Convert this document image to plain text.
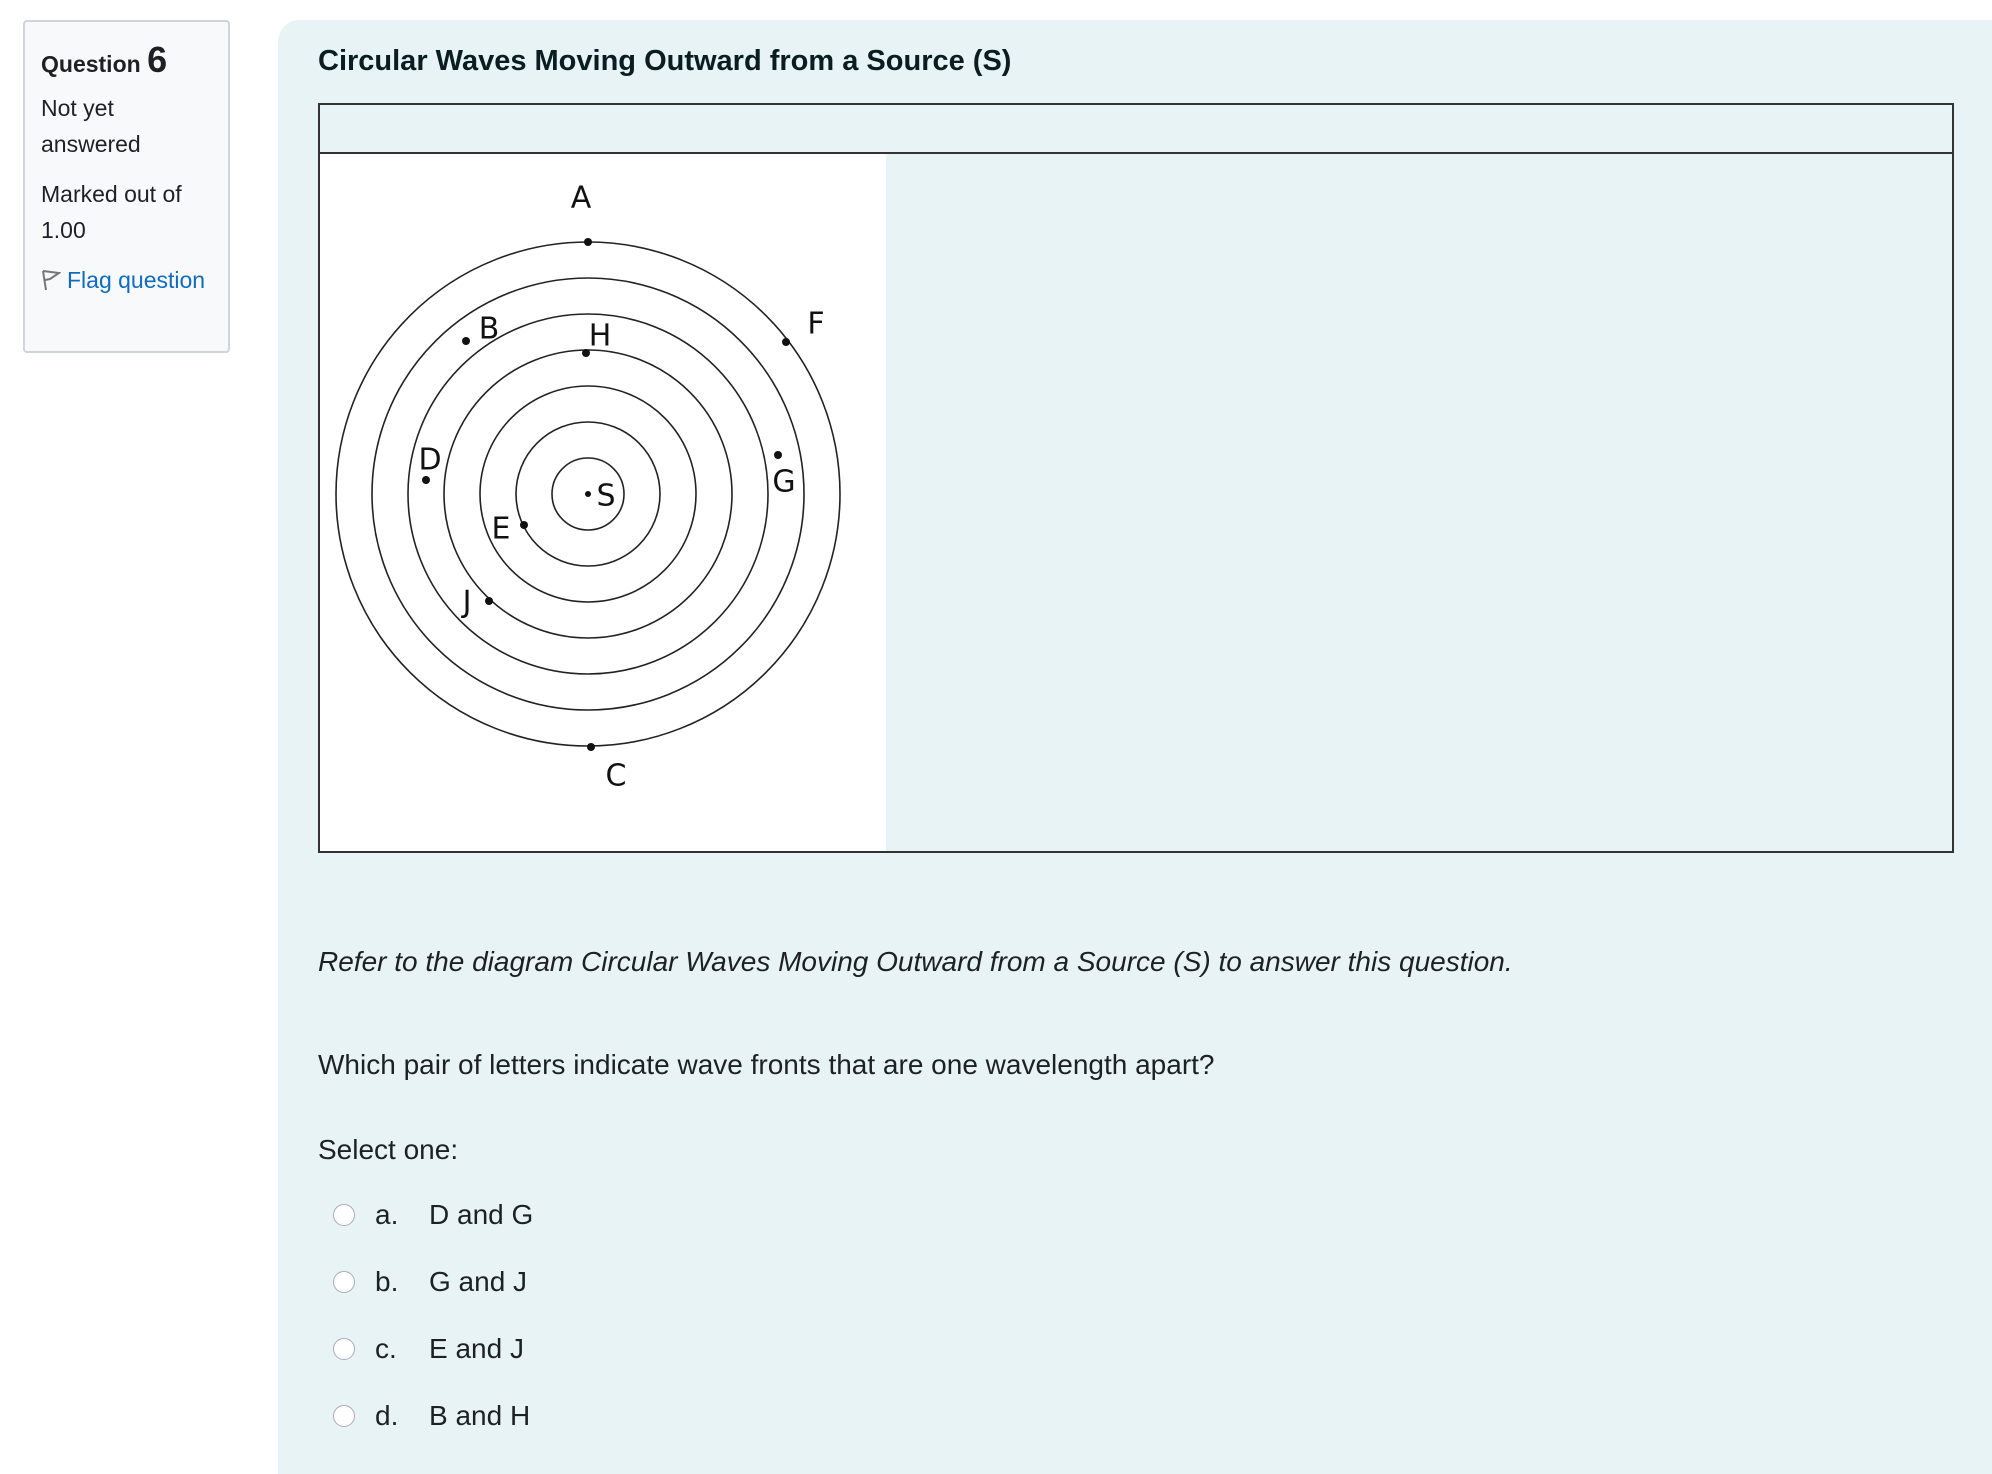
Question 6
Not yet answered
Marked out of 1.00
Flag question
Circular Waves Moving Outward from a Source (S)
A
B	H	F
D
G
S
E
J
C
Refer to the diagram Circular Waves Moving Outward from a Source (S) to answer this question.
Which pair of letters indicate wave fronts that are one wavelength apart?
Select one:
a.	D and G
b.	G and J
c.	E and J
d.	B and H
